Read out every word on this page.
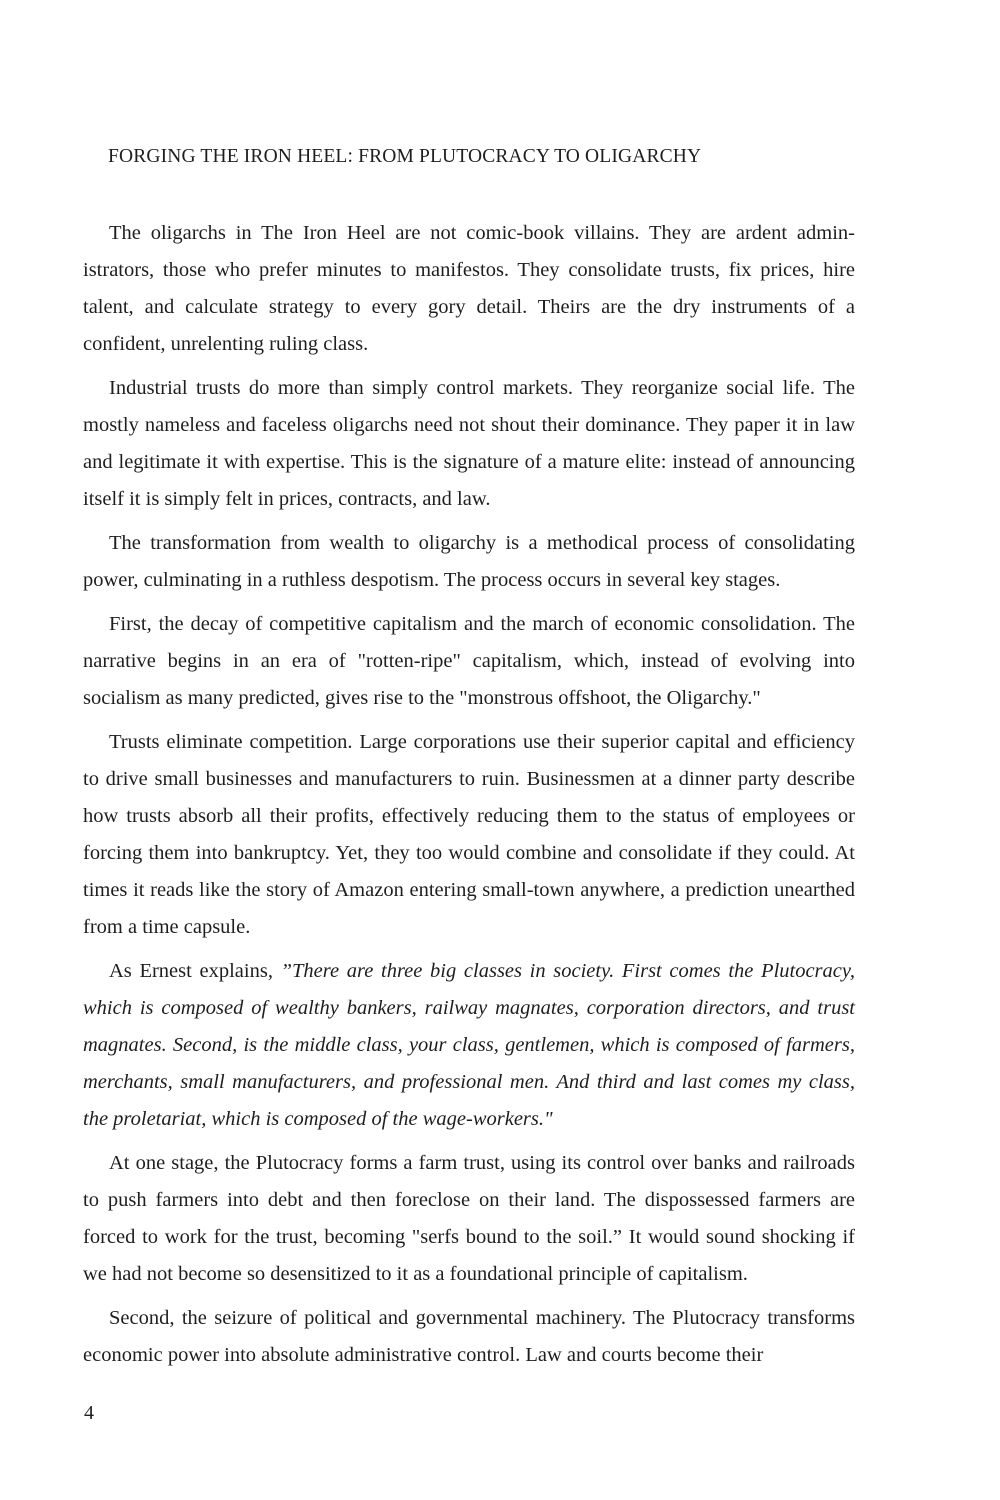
FORGING THE IRON HEEL: FROM PLUTOCRACY TO OLIGARCHY

The oligarchs in The Iron Heel are not comic-book villains. They are ardent administrators, those who prefer minutes to manifestos. They consolidate trusts, fix prices, hire talent, and calculate strategy to every gory detail. Theirs are the dry instruments of a confident, unrelenting ruling class.

Industrial trusts do more than simply control markets. They reorganize social life. The mostly nameless and faceless oligarchs need not shout their dominance. They paper it in law and legitimate it with expertise. This is the signature of a mature elite: instead of announcing itself it is simply felt in prices, contracts, and law.

The transformation from wealth to oligarchy is a methodical process of consolidating power, culminating in a ruthless despotism. The process occurs in several key stages.

First, the decay of competitive capitalism and the march of economic consolidation. The narrative begins in an era of "rotten-ripe" capitalism, which, instead of evolving into socialism as many predicted, gives rise to the "monstrous offshoot, the Oligarchy."

Trusts eliminate competition. Large corporations use their superior capital and efficiency to drive small businesses and manufacturers to ruin. Businessmen at a dinner party describe how trusts absorb all their profits, effectively reducing them to the status of employees or forcing them into bankruptcy. Yet, they too would combine and consolidate if they could. At times it reads like the story of Amazon entering small-town anywhere, a prediction unearthed from a time capsule.

As Ernest explains, ”There are three big classes in society. First comes the Plutocracy, which is composed of wealthy bankers, railway magnates, corporation directors, and trust magnates. Second, is the middle class, your class, gentlemen, which is composed of farmers, merchants, small manufacturers, and professional men. And third and last comes my class, the proletariat, which is composed of the wage-workers."

At one stage, the Plutocracy forms a farm trust, using its control over banks and railroads to push farmers into debt and then foreclose on their land. The dispossessed farmers are forced to work for the trust, becoming "serfs bound to the soil.” It would sound shocking if we had not become so desensitized to it as a foundational principle of capitalism.

Second, the seizure of political and governmental machinery. The Plutocracy transforms economic power into absolute administrative control. Law and courts become their

4
